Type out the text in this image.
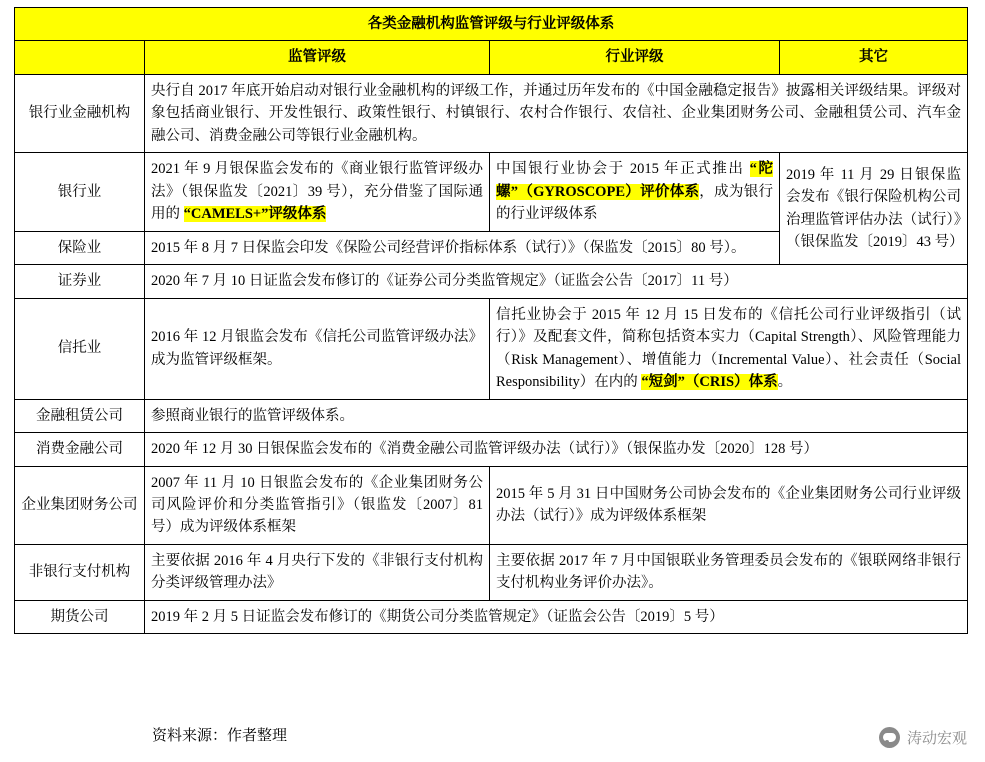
各类金融机构监管评级与行业评级体系			
	监管评级	行业评级	其它
银行业金融机构	央行自 2017 年底开始启动对银行业金融机构的评级工作，并通过历年发布的《中国金融稳定报告》披露相关评级结果。评级对象包括商业银行、开发性银行、政策性银行、村镇银行、农村合作银行、农信社、企业集团财务公司、金融租赁公司、汽车金融公司、消费金融公司等银行业金融机构。		
银行业	2021 年 9 月银保监会发布的《商业银行监管评级办法》（银保监发〔2021〕39 号），充分借鉴了国际通用的 “CAMELS+”评级体系	中国银行业协会于 2015 年正式推出 “陀螺”（GYROSCOPE）评价体系，成为银行的行业评级体系	2019 年 11 月 29 日银保监会发布《银行保险机构公司治理监管评估办法（试行）》（银保监发〔2019〕43 号）
保险业	2015 年 8 月 7 日保监会印发《保险公司经营评价指标体系（试行）》（保监发〔2015〕80 号）。		
证券业	2020 年 7 月 10 日证监会发布修订的《证券公司分类监管规定》（证监会公告〔2017〕11 号）		
信托业	2016 年 12 月银监会发布《信托公司监管评级办法》成为监管评级框架。	信托业协会于 2015 年 12 月 15 日发布的《信托公司行业评级指引（试行）》及配套文件，简称包括资本实力（Capital Strength）、风险管理能力（Risk Management）、增值能力（Incremental Value）、社会责任（Social Responsibility）在内的 “短剑”（CRIS）体系。	
金融租赁公司	参照商业银行的监管评级体系。		
消费金融公司	2020 年 12 月 30 日银保监会发布的《消费金融公司监管评级办法（试行）》（银保监办发〔2020〕128 号）		
企业集团财务公司	2007 年 11 月 10 日银监会发布的《企业集团财务公司风险评价和分类监管指引》（银监发〔2007〕81 号）成为评级体系框架	2015 年 5 月 31 日中国财务公司协会发布的《企业集团财务公司行业评级办法（试行）》成为评级体系框架	
非银行支付机构	主要依据 2016 年 4 月央行下发的《非银行支付机构分类评级管理办法》	主要依据 2017 年 7 月中国银联业务管理委员会发布的《银联网络非银行支付机构业务评价办法》。	
期货公司	2019 年 2 月 5 日证监会发布修订的《期货公司分类监管规定》（证监会公告〔2019〕5 号）		
资料来源：作者整理	涛动宏观
